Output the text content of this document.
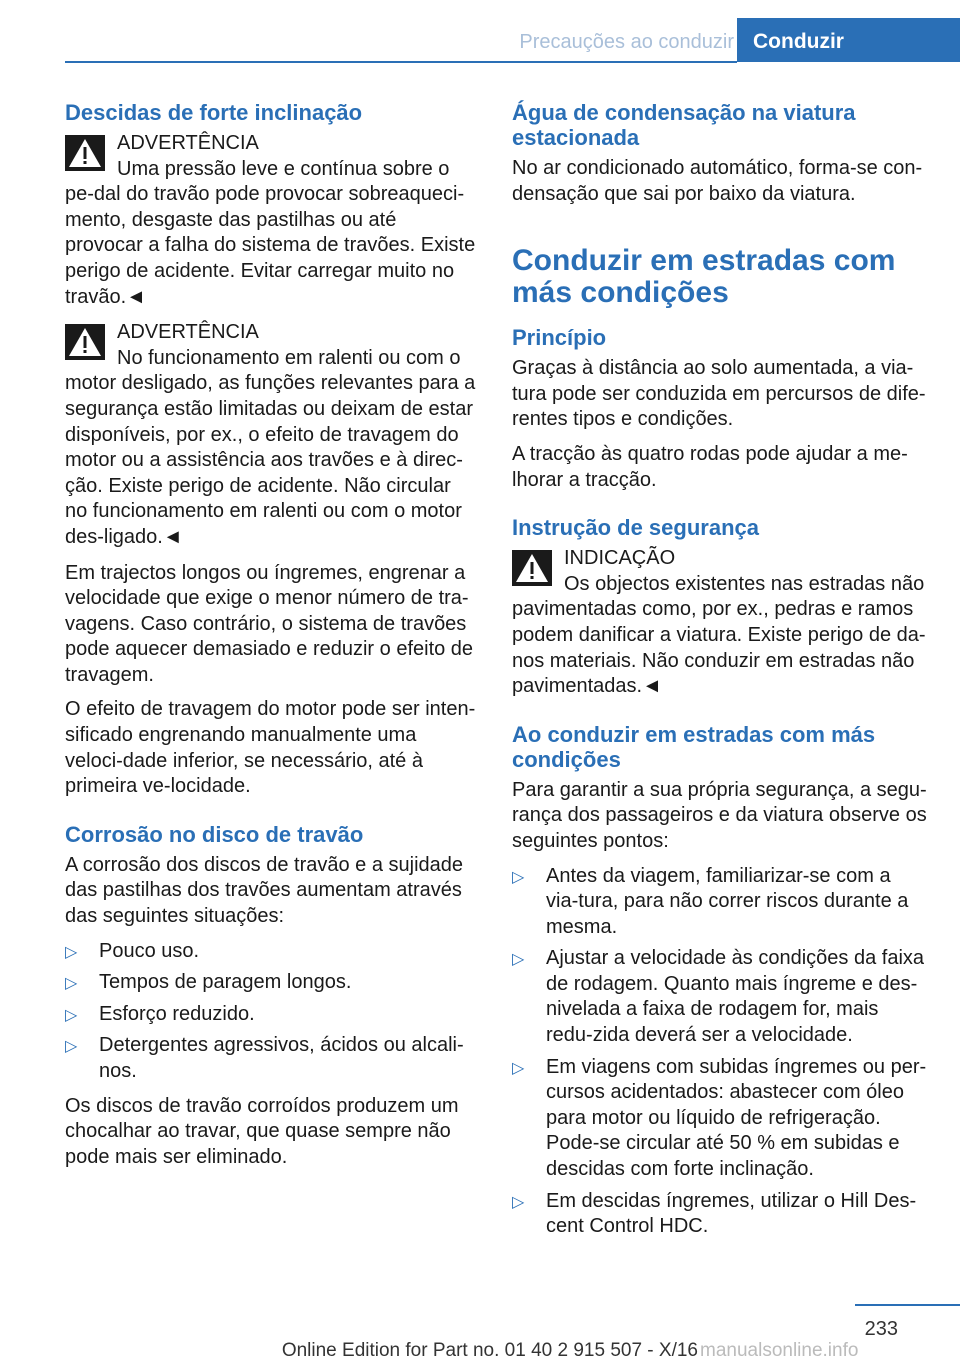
Precauções ao conduzir Conduzir
Descidas de forte inclinação
ADVERTÊNCIA
Uma pressão leve e contínua sobre o pe-dal do travão pode provocar sobreaqueci-mento, desgaste das pastilhas ou até provocar a falha do sistema de travões. Existe perigo de acidente. Evitar carregar muito no travão.◄
ADVERTÊNCIA
No funcionamento em ralenti ou com o motor desligado, as funções relevantes para a segurança estão limitadas ou deixam de estar disponíveis, por ex., o efeito de travagem do motor ou a assistência aos travões e à direc-ção. Existe perigo de acidente. Não circular no funcionamento em ralenti ou com o motor des-ligado.◄

Em trajectos longos ou íngremes, engrenar a velocidade que exige o menor número de tra-vagens. Caso contrário, o sistema de travões pode aquecer demasiado e reduzir o efeito de travagem.

O efeito de travagem do motor pode ser inten-sificado engrenando manualmente uma veloci-dade inferior, se necessário, até à primeira ve-locidade.

Corrosão no disco de travão

A corrosão dos discos de travão e a sujidade das pastilhas dos travões aumentam através das seguintes situações:

▷ Pouco uso.
▷ Tempos de paragem longos.
▷ Esforço reduzido.
▷ Detergentes agressivos, ácidos ou alcali-nos.

Os discos de travão corroídos produzem um chocalhar ao travar, que quase sempre não pode mais ser eliminado.

Água de condensação na viatura estacionada

No ar condicionado automático, forma-se con-densação que sai por baixo da viatura.

Conduzir em estradas com más condições
Princípio

Graças à distância ao solo aumentada, a via-tura pode ser conduzida em percursos de dife-rentes tipos e condições.

A tracção às quatro rodas pode ajudar a me-lhorar a tracção.

Instrução de segurança
INDICAÇÃO
Os objectos existentes nas estradas não pavimentadas como, por ex., pedras e ramos podem danificar a viatura. Existe perigo de da-nos materiais. Não conduzir em estradas não pavimentadas.◄
Ao conduzir em estradas com más condições

Para garantir a sua própria segurança, a segu-rança dos passageiros e da viatura observe os seguintes pontos:

▷ Antes da viagem, familiarizar-se com a via-tura, para não correr riscos durante a mesma.
▷ Ajustar a velocidade às condições da faixa de rodagem. Quanto mais íngreme e des-nivelada a faixa de rodagem for, mais redu-zida deverá ser a velocidade.
▷ Em viagens com subidas íngremes ou per-cursos acidentados: abastecer com óleo para motor ou líquido de refrigeração. Pode-se circular até 50 % em subidas e descidas com forte inclinação.
▷ Em descidas íngremes, utilizar o Hill Des-cent Control HDC.
233
Online Edition for Part no. 01 40 2 915 507 - X/16 manualsonline.info
